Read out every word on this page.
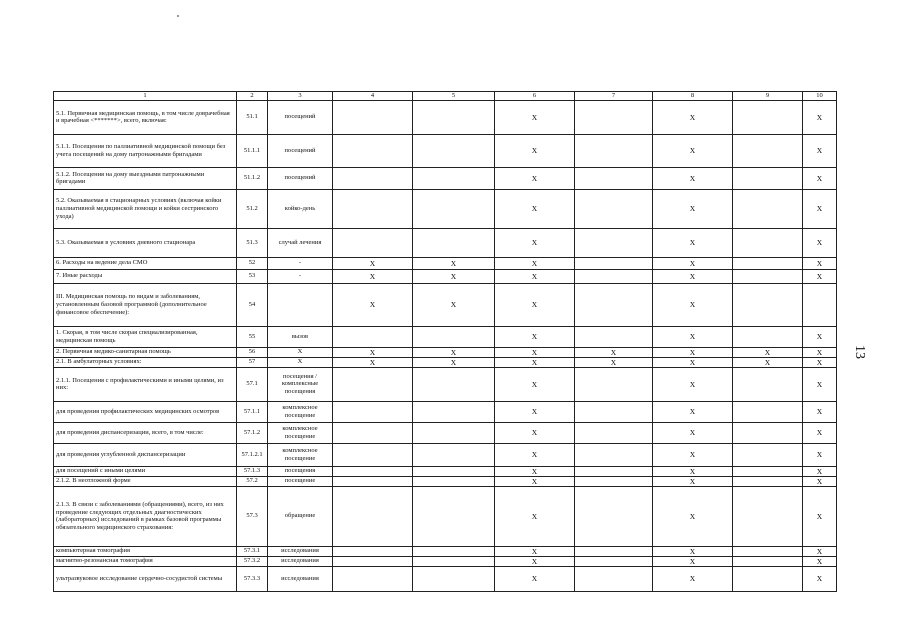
13
1	2	3	4	5	6	7	8	9	10
5.1. Первичная медицинская помощь, в том числе доврачебная и врачебная <*******>, всего, включая:	51.1	посещений			X		X		X
5.1.1. Посещения по паллиативной медицинской помощи без учета посещений на дому патронажными бригадами	51.1.1	посещений			X		X		X
5.1.2. Посещения на дому выездными патронажными бригадами	51.1.2	посещений			X		X		X
5.2. Оказываемая в стационарных условиях (включая койки паллиативной медицинской помощи и койки сестринского ухода)	51.2	койко-день			X		X		X
5.3. Оказываемая в условиях дневного стационара	51.3	случай лечения			X		X		X
6. Расходы на ведение дела СМО	52	-	X	X	X		X		X
7. Иные расходы	53	-	X	X	X		X		X
III. Медицинская помощь по видам и заболеваниям, установленным базовой программой (дополнительное финансовое обеспечение):	54		X	X	X		X		
1. Скорая, в том числе скорая специализированная, медицинская помощь	55	вызов			X		X		X
2. Первичная медико-санитарная помощь	56	X	X	X	X	X	X	X	X
2.1. В амбулаторных условиях:	57	X	X	X	X	X	X	X	X
2.1.1. Посещения с профилактическими и иными целями, из них:	57.1	посещения / комплексные посещения			X		X		X
для проведения профилактических медицинских осмотров	57.1.1	комплексное посещение			X		X		X
для проведения диспансеризации, всего, в том числе:	57.1.2	комплексное посещение			X		X		X
для проведения углубленной диспансеризации	57.1.2.1	комплексное посещение			X		X		X
для посещений с иными целями	57.1.3	посещения			X		X		X
2.1.2. В неотложной форме	57.2	посещение			X		X		X
2.1.3. В связи с заболеваниями (обращениями), всего, из них проведение следующих отдельных диагностических (лабораторных) исследований в рамках базовой программы обязательного медицинского страхования:	57.3	обращение			X		X		X
компьютерная томография	57.3.1	исследования			X		X		X
магнитно-резонансная томография	57.3.2	исследования			X		X		X
ультразвуковое исследование сердечно-сосудистой системы	57.3.3	исследования			X		X		X
